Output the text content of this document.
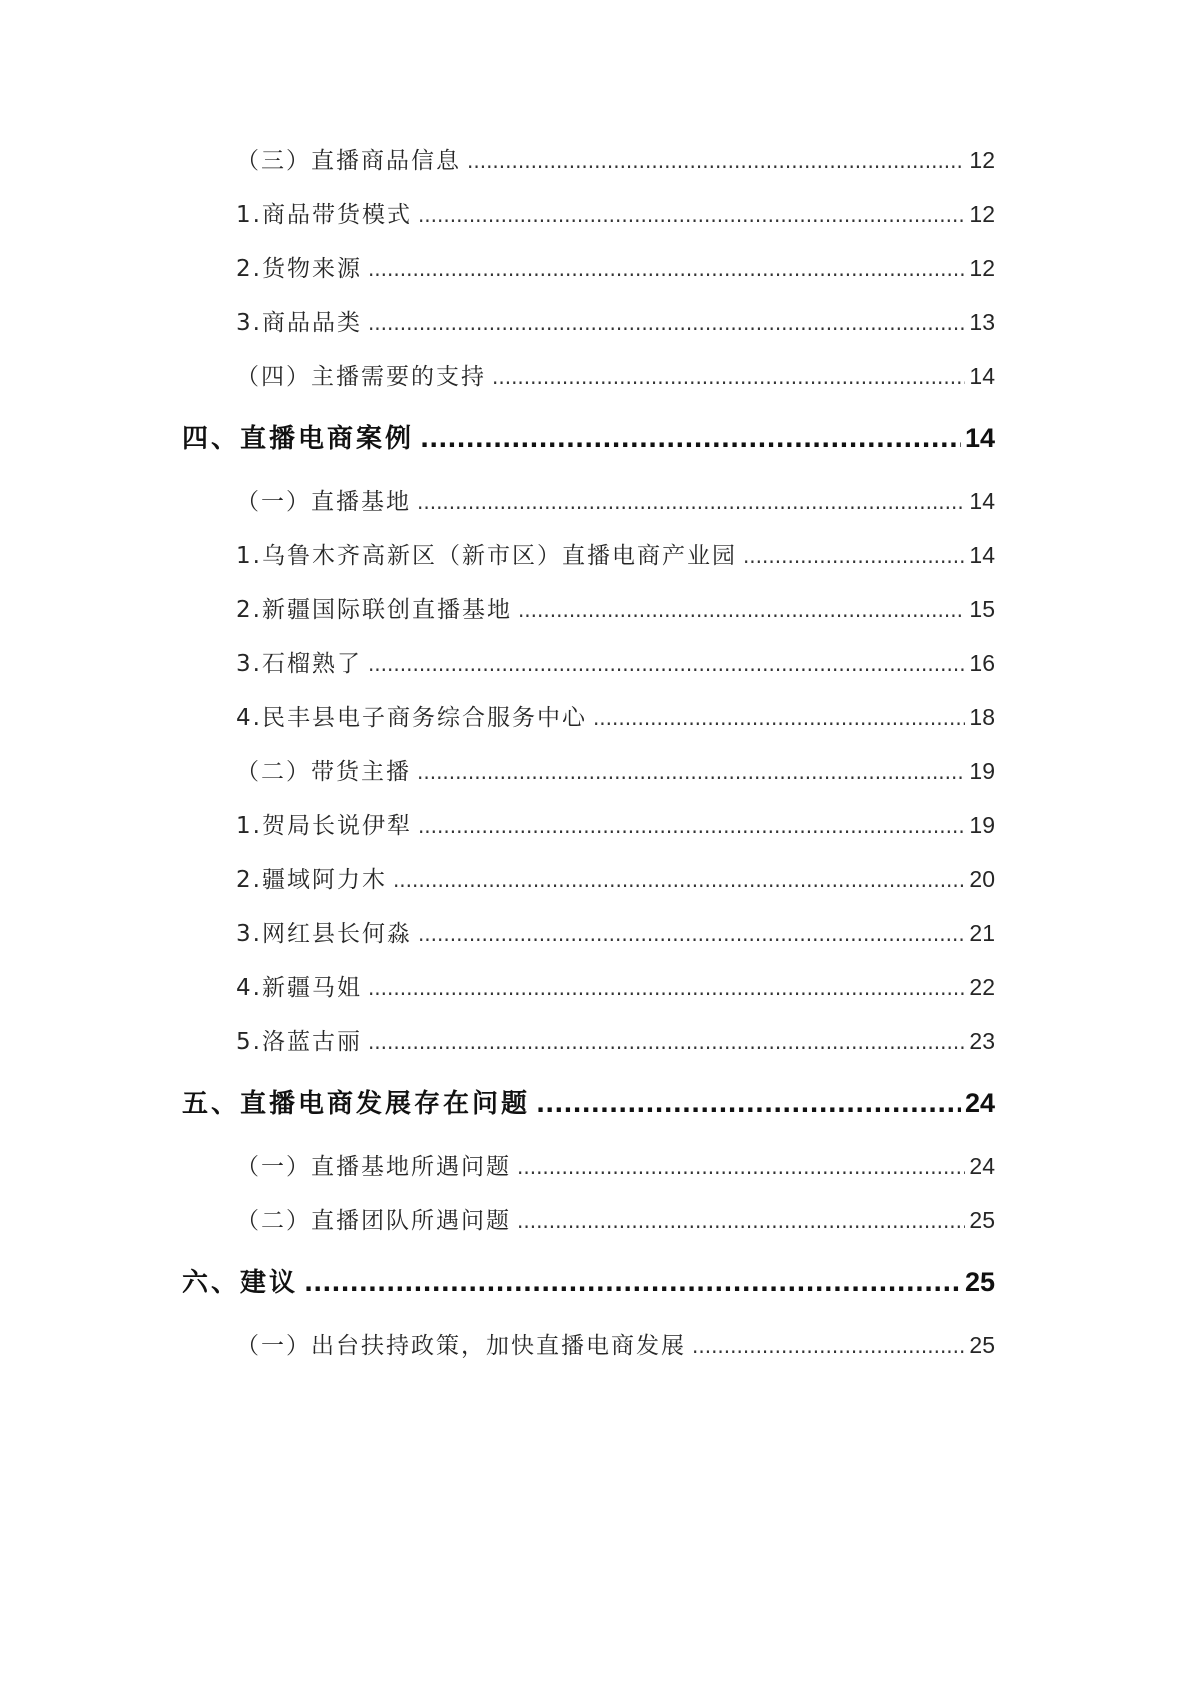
（三）直播商品信息 .....	12
1.商品带货模式 .....	12
2.货物来源 .....	12
3.商品品类 .....	13
（四）主播需要的支持 .....	14
四、直播电商案例 .....	14
（一）直播基地 .....	14
1.乌鲁木齐高新区（新市区）直播电商产业园 .....	14
2.新疆国际联创直播基地 .....	15
3.石榴熟了 .....	16
4.民丰县电子商务综合服务中心 .....	18
（二）带货主播 .....	19
1.贺局长说伊犁 .....	19
2.疆域阿力木 .....	20
3.网红县长何淼 .....	21
4.新疆马姐 .....	22
5.洛蓝古丽 .....	23
五、直播电商发展存在问题 .....	24
（一）直播基地所遇问题 .....	24
（二）直播团队所遇问题 .....	25
六、建议 .....	25
（一）出台扶持政策，加快直播电商发展 .....	25
